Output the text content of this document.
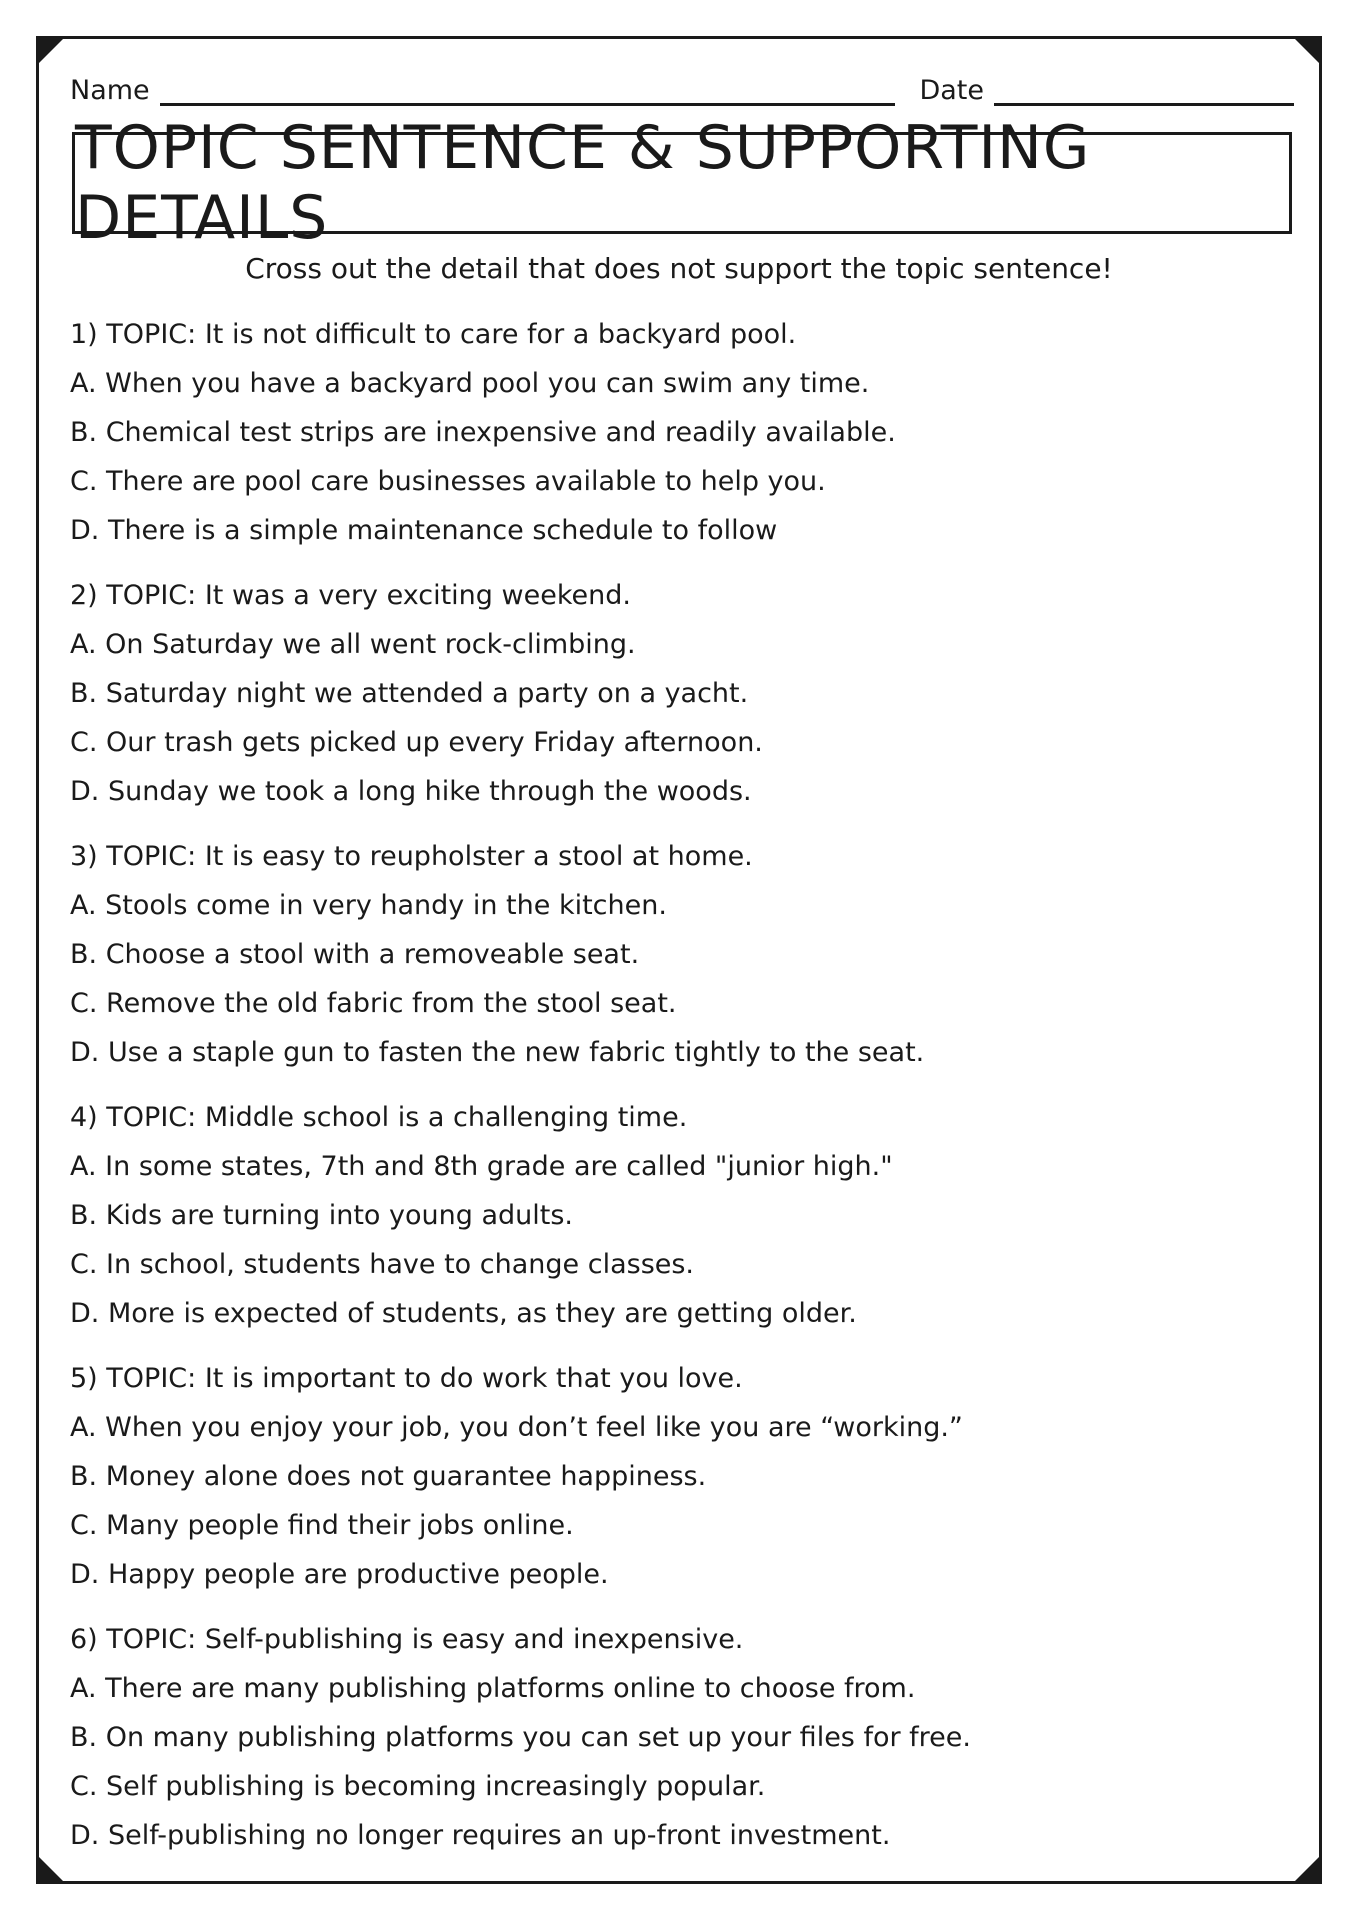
Name	Date
TOPIC SENTENCE & SUPPORTING DETAILS
Cross out the detail that does not support the topic sentence!
1) TOPIC: It is not difficult to care for a backyard pool.
A. When you have a backyard pool you can swim any time.
B. Chemical test strips are inexpensive and readily available.
C. There are pool care businesses available to help you.
D. There is a simple maintenance schedule to follow
2) TOPIC: It was a very exciting weekend.
A. On Saturday we all went rock-climbing.
B. Saturday night we attended a party on a yacht.
C. Our trash gets picked up every Friday afternoon.
D. Sunday we took a long hike through the woods.
3) TOPIC: It is easy to reupholster a stool at home.
A. Stools come in very handy in the kitchen.
B. Choose a stool with a removeable seat.
C. Remove the old fabric from the stool seat.
D. Use a staple gun to fasten the new fabric tightly to the seat.
4) TOPIC: Middle school is a challenging time.
A. In some states, 7th and 8th grade are called "junior high."
B. Kids are turning into young adults.
C. In school, students have to change classes.
D. More is expected of students, as they are getting older.
5) TOPIC: It is important to do work that you love.
A. When you enjoy your job, you don’t feel like you are “working.”
B. Money alone does not guarantee happiness.
C. Many people find their jobs online.
D. Happy people are productive people.
6) TOPIC: Self-publishing is easy and inexpensive.
A. There are many publishing platforms online to choose from.
B. On many publishing platforms you can set up your files for free.
C. Self publishing is becoming increasingly popular.
D. Self-publishing no longer requires an up-front investment.
